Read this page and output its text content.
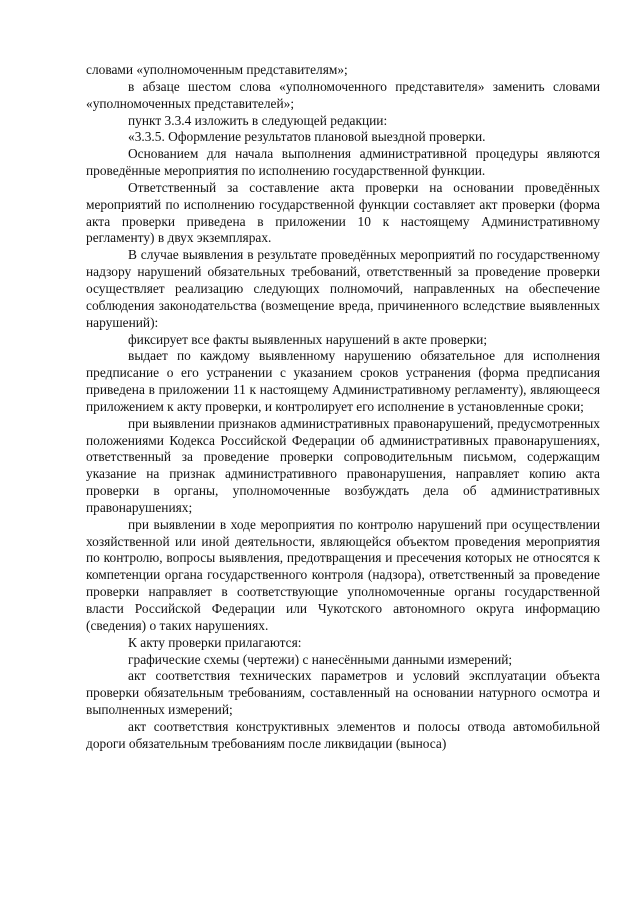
словами «уполномоченным представителям»;

в абзаце шестом слова «уполномоченного представителя» заменить словами «уполномоченных представителей»;

пункт 3.3.4 изложить в следующей редакции:

«3.3.5. Оформление результатов плановой выездной проверки.

Основанием для начала выполнения административной процедуры являются проведённые мероприятия по исполнению государственной функции.

Ответственный за составление акта проверки на основании проведённых мероприятий по исполнению государственной функции составляет акт проверки (форма акта проверки приведена в приложении 10 к настоящему Административному регламенту) в двух экземплярах.

В случае выявления в результате проведённых мероприятий по государственному надзору нарушений обязательных требований, ответственный за проведение проверки осуществляет реализацию следующих полномочий, направленных на обеспечение соблюдения законодательства (возмещение вреда, причиненного вследствие выявленных нарушений):

фиксирует все факты выявленных нарушений в акте проверки;

выдает по каждому выявленному нарушению обязательное для исполнения предписание о его устранении с указанием сроков устранения (форма предписания приведена в приложении 11 к настоящему Административному регламенту), являющееся приложением к акту проверки, и контролирует его исполнение в установленные сроки;

при выявлении признаков административных правонарушений, предусмотренных положениями Кодекса Российской Федерации об административных правонарушениях, ответственный за проведение проверки сопроводительным письмом, содержащим указание на признак административного правонарушения, направляет копию акта проверки в органы, уполномоченные возбуждать дела об административных правонарушениях;

при выявлении в ходе мероприятия по контролю нарушений при осуществлении хозяйственной или иной деятельности, являющейся объектом проведения мероприятия по контролю, вопросы выявления, предотвращения и пресечения которых не относятся к компетенции органа государственного контроля (надзора), ответственный за проведение проверки направляет в соответствующие уполномоченные органы государственной власти Российской Федерации или Чукотского автономного округа информацию (сведения) о таких нарушениях.

К акту проверки прилагаются:

графические схемы (чертежи) с нанесёнными данными измерений;

акт соответствия технических параметров и условий эксплуатации объекта проверки обязательным требованиям, составленный на основании натурного осмотра и выполненных измерений;

акт соответствия конструктивных элементов и полосы отвода автомобильной дороги обязательным требованиям после ликвидации (выноса)
